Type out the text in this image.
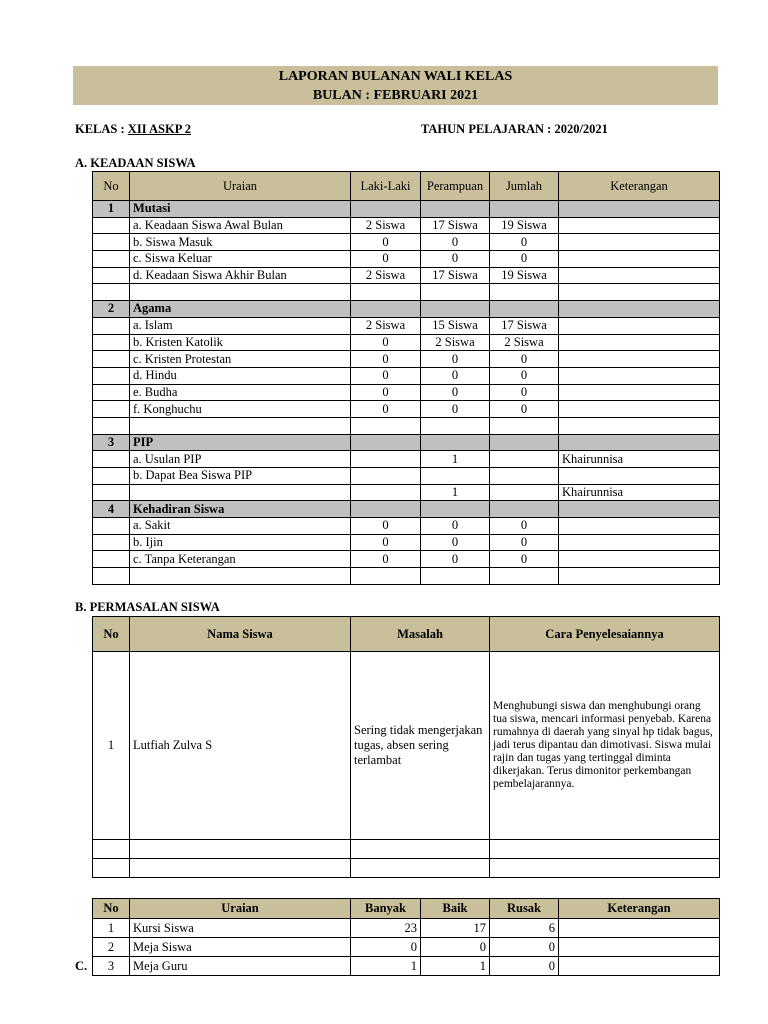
LAPORAN BULANAN WALI KELAS
BULAN : FEBRUARI 2021
KELAS : XII ASKP 2	TAHUN PELAJARAN : 2020/2021
A. KEADAAN SISWA
No	Uraian	Laki-Laki	Perampuan	Jumlah	Keterangan
1	Mutasi				
	a. Keadaan Siswa Awal Bulan	2 Siswa	17 Siswa	19 Siswa	
	b. Siswa Masuk	0	0	0	
	c. Siswa Keluar	0	0	0	
	d. Keadaan Siswa Akhir Bulan	2 Siswa	17 Siswa	19 Siswa	

2	Agama				
	a. Islam	2 Siswa	15 Siswa	17 Siswa	
	b. Kristen Katolik	0	2 Siswa	2 Siswa	
	c. Kristen Protestan	0	0	0	
	d. Hindu	0	0	0	
	e. Budha	0	0	0	
	f. Konghuchu	0	0	0	

3	PIP				
	a. Usulan PIP		1		Khairunnisa
	b. Dapat Bea Siswa PIP				
			1		Khairunnisa
4	Kehadiran Siswa				
	a. Sakit	0	0	0	
	b. Ijin	0	0	0	
	c. Tanpa Keterangan	0	0	0	

B. PERMASALAN SISWA
No	Nama Siswa	Masalah	Cara Penyelesaiannya
1	Lutfiah Zulva S	Sering tidak mengerjakan tugas, absen sering terlambat	Menghubungi siswa dan menghubungi orang tua siswa, mencari informasi penyebab. Karena rumahnya di daerah yang sinyal hp tidak bagus, jadi terus dipantau dan dimotivasi. Siswa mulai rajin dan tugas yang tertinggal diminta dikerjakan. Terus dimonitor perkembangan pembelajarannya.

C.
No	Uraian	Banyak	Baik	Rusak	Keterangan
1	Kursi Siswa	23	17	6	
2	Meja Siswa	0	0	0	
3	Meja Guru	1	1	0	
